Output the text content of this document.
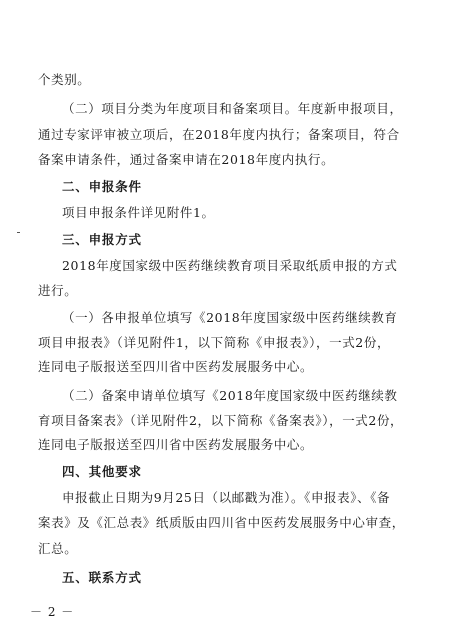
个类别。

（二）项目分类为年度项目和备案项目。年度新申报项目，

通过专家评审被立项后，在2018年度内执行；备案项目，符合

备案申请条件，通过备案申请在2018年度内执行。

二、申报条件

项目申报条件详见附件1。

三、申报方式

2018年度国家级中医药继续教育项目采取纸质申报的方式

进行。

（一）各申报单位填写《2018年度国家级中医药继续教育

项目申报表》（详见附件1，以下简称《申报表》），一式2份，

连同电子版报送至四川省中医药发展服务中心。

（二）备案申请单位填写《2018年度国家级中医药继续教

育项目备案表》（详见附件2，以下简称《备案表》），一式2份，

连同电子版报送至四川省中医药发展服务中心。

四、其他要求

申报截止日期为9月25日（以邮戳为准）。《申报表》、《备

案表》及《汇总表》纸质版由四川省中医药发展服务中心审查，

汇总。

五、联系方式

－ 2 －
